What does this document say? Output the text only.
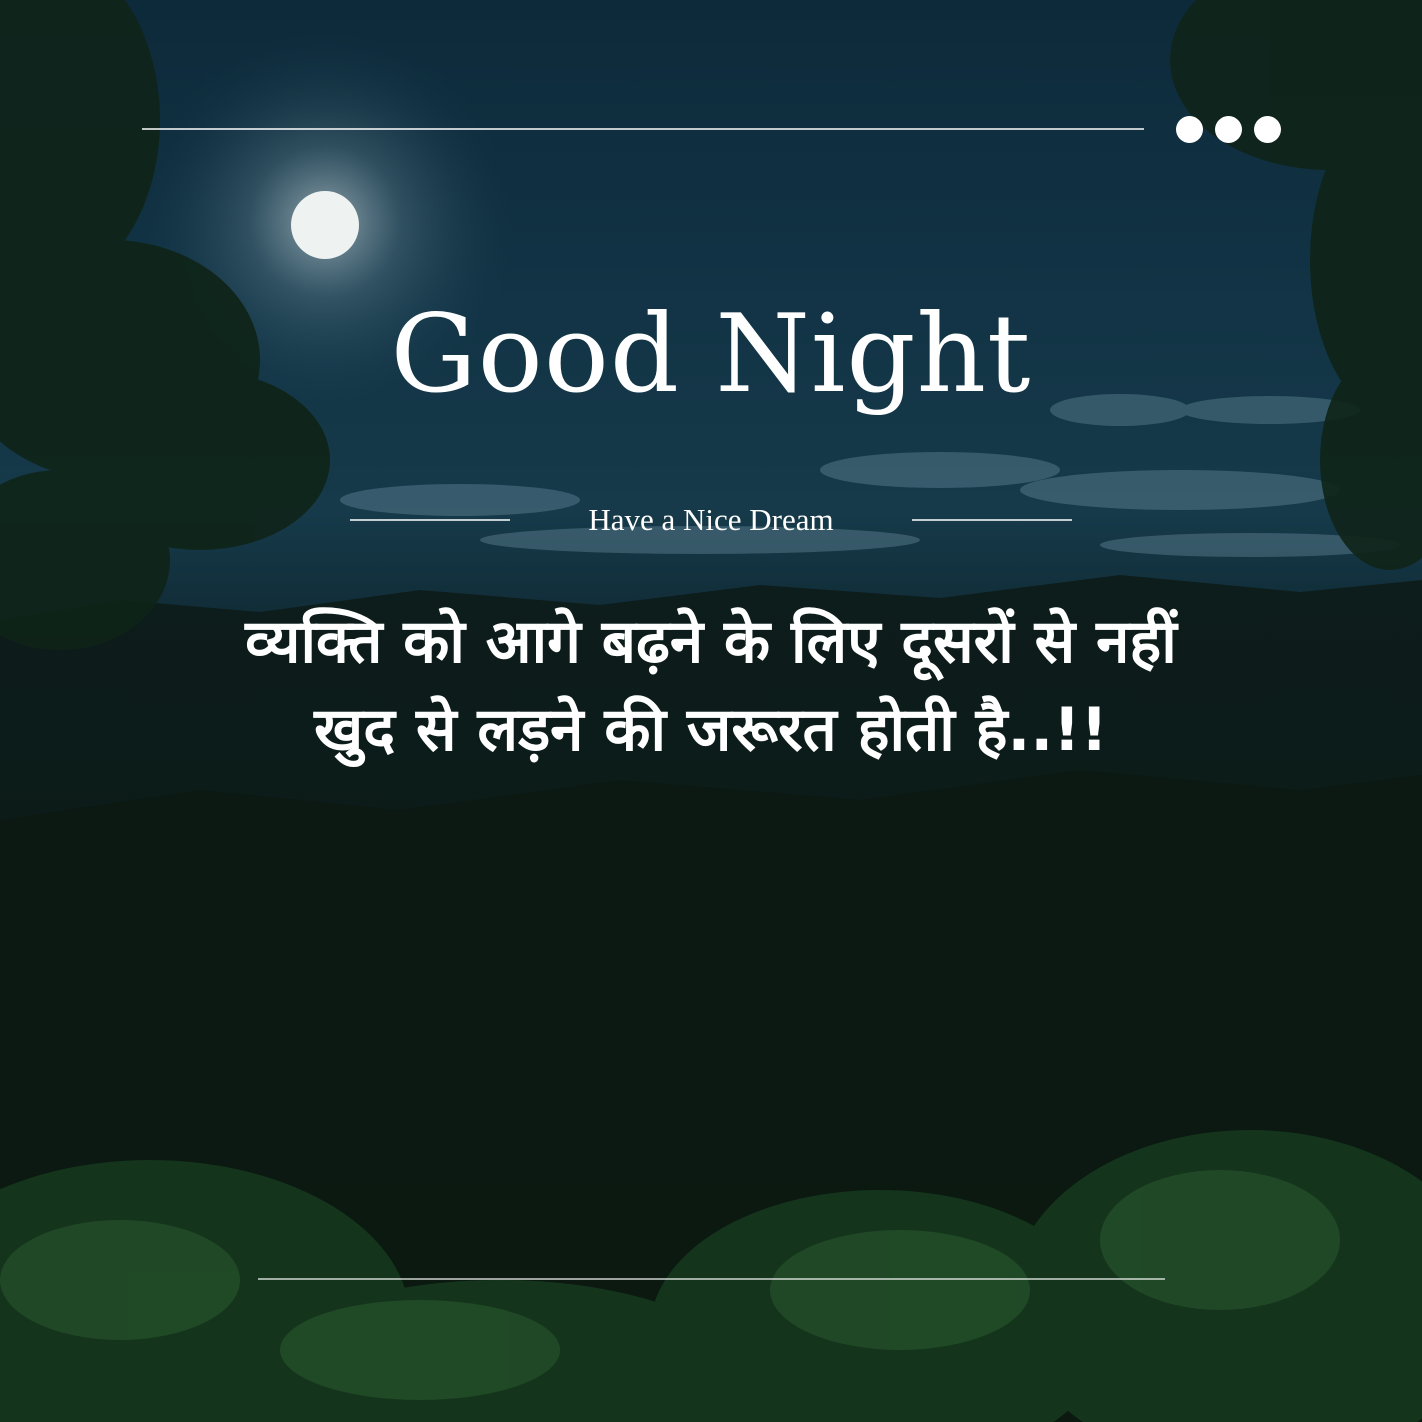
Good Night
Have a Nice Dream
व्यक्ति को आगे बढ़ने के लिए दूसरों से नहीं
खुद से लड़ने की जरूरत होती है..!!
